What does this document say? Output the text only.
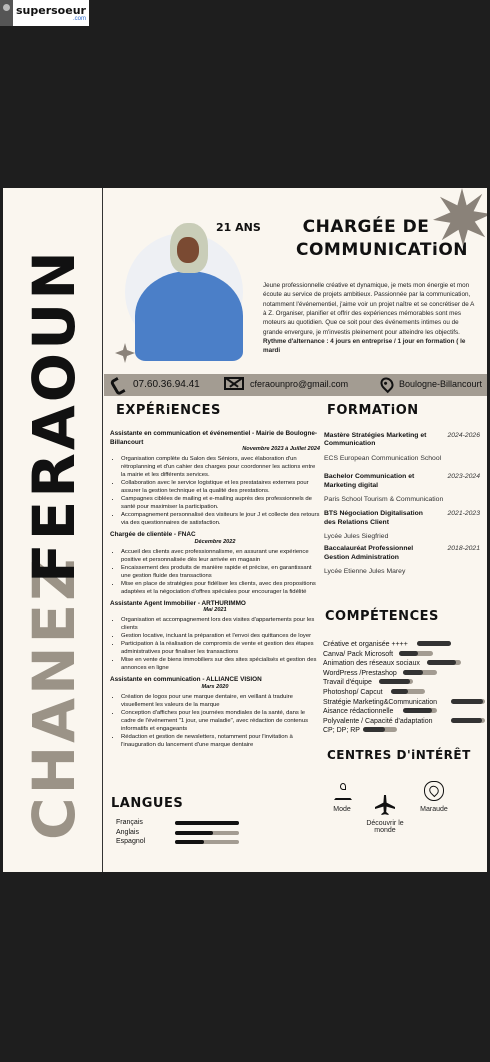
supersoeur
.com
CHANEZ
FERAOUN
21 ANS	CHARGÉE DE
COMMUNICATiON
Jeune professionnelle créative et dynamique, je mets mon énergie et mon écoute au service de projets ambitieux. Passionnée par la communication, notamment l'événementiel, j'aime voir un projet naître et se concrétiser de A à Z. Organiser, planifier et offrir des expériences mémorables sont mes moteurs au quotidien. Que ce soit pour des événements intimes ou de grande envergure, je m'investis pleinement pour atteindre les objectifs.
Rythme d'alternance : 4 jours en entreprise / 1 jour en formation ( le mardi
07.60.36.94.41	cferaounpro@gmail.com	Boulogne-Billancourt
EXPÉRiENCES
Assistante en communication et événementiel - Mairie de Boulogne- Billancourt
Novembre 2023 à Juillet 2024
• Organisation complète du Salon des Séniors, avec élaboration d'un rétroplanning et d'un cahier des charges pour coordonner les actions entre la mairie et les différents services.
• Collaboration avec le service logistique et les prestataires externes pour assurer la gestion technique et la qualité des prestations.
• Campagnes ciblées de mailing et e-mailing auprès des professionnels de santé pour maximiser la participation.
• Accompagnement personnalisé des visiteurs le jour J et collecte des retours via des questionnaires de satisfaction.
Chargée de clientèle - FNAC
Décembre 2022
• Accueil des clients avec professionnalisme, en assurant une expérience positive et personnalisée dès leur arrivée en magasin
• Encaissement des produits de manière rapide et précise, en garantissant une gestion fluide des transactions
• Mise en place de stratégies pour fidéliser les clients, avec des propositions adaptées et la négociation d'offres spéciales pour encourager la fidélité
Assistante Agent Immobilier - ARTHURIMMO
Mai 2021
• Organisation et accompagnement lors des visites d'appartements pour les clients
• Gestion locative, incluant la préparation et l'envoi des quittances de loyer
• Participation à la réalisation de compromis de vente et gestion des étapes administratives pour finaliser les transactions
• Mise en vente de biens immobiliers sur des sites spécialisés et gestion des annonces en ligne
Assistante en communication - ALLIANCE VISION
Mars 2020
• Création de logos pour une marque dentaire, en veillant à traduire visuellement les valeurs de la marque
• Conception d'affiches pour les journées mondiales de la santé, dans le cadre de l'événement "1 jour, une maladie", avec rédaction de contenus informatifs et engageants
• Rédaction et gestion de newsletters, notamment pour l'invitation à l'inauguration du lancement d'une marque dentaire
FORMATiON
Mastère Stratégies Marketing et Communication
2024-2026
ECS European Communication School
Bachelor Communication et Marketing digital
2023-2024
Paris School Tourism & Communication
BTS Négociation Digitalisation des Relations Client
2021-2023
Lycée Jules Siegfried
Baccalauréat Professionnel Gestion Administration
2018-2021
Lycée Etienne Jules Marey
COMPÉTENCES
Créative et organisée ++++
Canva/ Pack Microsoft
Animation des réseaux sociaux
WordPress /Prestashop
Travail d'équipe
Photoshop/ Capcut
Stratégie Marketing&Communication
Aisance rédactionnelle
Polyvalente / Capacité d'adaptation
CP; DP; RP
CENTRES D'iNTÉRÊT
Mode
Découvrir le monde
Maraude
LANGUES
Français
Anglais
Espagnol
